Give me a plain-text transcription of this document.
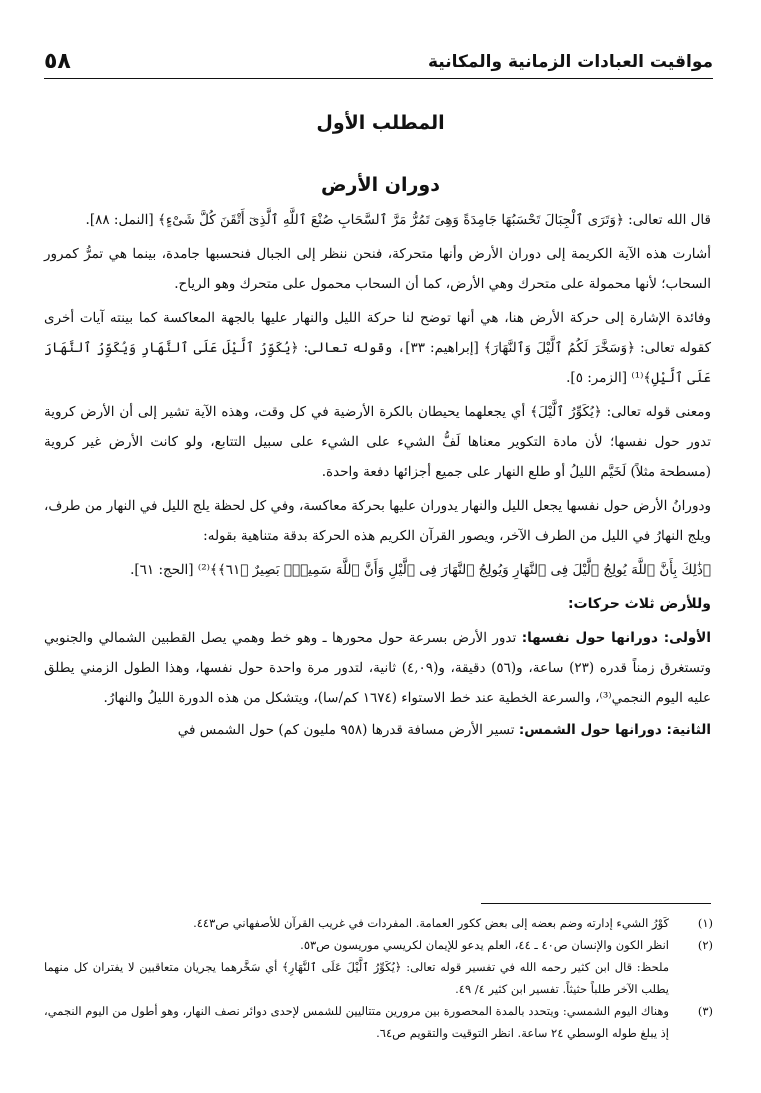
مواقيت العبادات الزمانية والمكانية
٥٨
المطلب الأول
دوران الأرض

قال الله تعالى: ﴿وَتَرَى ٱلْجِبَالَ تَحْسَبُهَا جَامِدَةً وَهِىَ تَمُرُّ مَرَّ ٱلسَّحَابِ صُنْعَ ٱللَّهِ ٱلَّذِىٓ أَتْقَنَ كُلَّ شَىْءٍ﴾ [النمل: ٨٨].

أشارت هذه الآية الكريمة إلى دوران الأرض وأنها متحركة، فنحن ننظر إلى الجبال فنحسبها جامدة، بينما هي تمرُّ كمرور السحاب؛ لأنها محمولة على متحرك وهي الأرض، كما أن السحاب محمول على متحرك وهو الرياح.

وفائدة الإشارة إلى حركة الأرض هنا، هي أنها توضح لنا حركة الليل والنهار عليها بالجهة المعاكسة كما بينته آيات أخرى كقوله تعالى: ﴿وَسَخَّرَ لَكُمُ ٱلَّيْلَ وَٱلنَّهَارَ﴾ [إبراهيم: ٣٣]، وقوله تعالى: ﴿يُكَوِّرُ ٱلَّيْلَ عَلَى ٱلنَّهَارِ وَيُكَوِّرُ ٱلنَّهَارَ عَلَى ٱلَّيْلِ﴾⁽¹⁾ [الزمر: ٥].

ومعنى قوله تعالى: ﴿يُكَوِّرُ ٱلَّيْلَ﴾ أي يجعلهما يحيطان بالكرة الأرضية في كل وقت، وهذه الآية تشير إلى أن الأرض كروية تدور حول نفسها؛ لأن مادة التكوير معناها لَفُّ الشيء على الشيء على سبيل التتابع، ولو كانت الأرض غير كروية (مسطحة مثلاً) لَخَيَّم الليلُ أو طلع النهار على جميع أجزائها دفعة واحدة.

ودورانُ الأرض حول نفسها يجعل الليل والنهار يدوران عليها بحركة معاكسة، وفي كل لحظة يلج الليل في النهار من طرف، ويلج النهارُ في الليل من الطرف الآخر، ويصور القرآن الكريم هذه الحركة بدقة متناهية بقوله:

﴿ذَٰلِكَ بِأَنَّ ٱللَّهَ يُولِجُ ٱلَّيْلَ فِى ٱلنَّهَارِ وَيُولِجُ ٱلنَّهَارَ فِى ٱلَّيْلِ وَأَنَّ ٱللَّهَ سَمِيعٌۢ بَصِيرٌ ﴿٦١﴾﴾⁽²⁾ [الحج: ٦١].

وللأرض ثلاث حركات:

الأولى: دورانها حول نفسها: تدور الأرض بسرعة حول محورها ـ وهو خط وهمي يصل القطبين الشمالي والجنوبي وتستغرق زمناً قدره (٢٣) ساعة، و(٥٦) دقيقة، و(٤,٠٩) ثانية، لتدور مرة واحدة حول نفسها، وهذا الطول الزمني يطلق عليه اليوم النجمي⁽³⁾، والسرعة الخطية عند خط الاستواء (١٦٧٤ كم/سا)، ويتشكل من هذه الدورة الليلُ والنهارُ.

الثانية: دورانها حول الشمس: تسير الأرض مسافة قدرها (٩٥٨ مليون كم) حول الشمس في

(١)
كَوْرُ الشيء إدارته وضم بعضه إلى بعض ككور العمامة. المفردات في غريب القرآن للأصفهاني ص٤٤٣.
(٢)
انظر الكون والإنسان ص٤٠ ـ ٤٤، العلم يدعو للإيمان لكريسي موريسون ص٥٣.
ملحظ: قال ابن كثير رحمه الله في تفسير قوله تعالى: ﴿يُكَوِّرُ ٱلَّيْلَ عَلَى ٱلنَّهَارِ﴾ أي سَخَّرهما يجريان متعاقبين لا يفتران كل منهما يطلب الآخر طلباً حثيثاً. تفسير ابن كثير ٤/ ٤٩.
(٣)
وهناك اليوم الشمسي: ويتحدد بالمدة المحصورة بين مرورين متتاليين للشمس لإحدى دوائر نصف النهار، وهو أطول من اليوم النجمي، إذ يبلغ طوله الوسطي ٢٤ ساعة. انظر التوقيت والتقويم ص٦٤.
